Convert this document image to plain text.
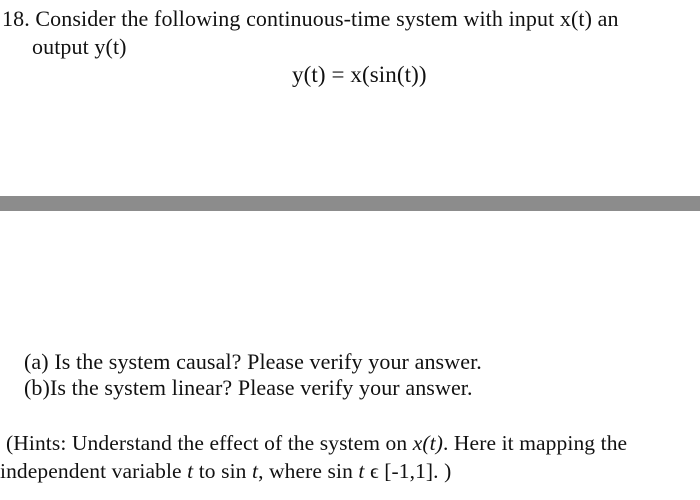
18. Consider the following continuous-time system with input x(t) an
output y(t)
y(t) = x(sin(t))
(a) Is the system causal? Please verify your answer.
(b)Is the system linear? Please verify your answer.
(Hints: Understand the effect of the system on x(t). Here it mapping the
independent variable t to sin t, where sin t ϵ [-1,1]. )
